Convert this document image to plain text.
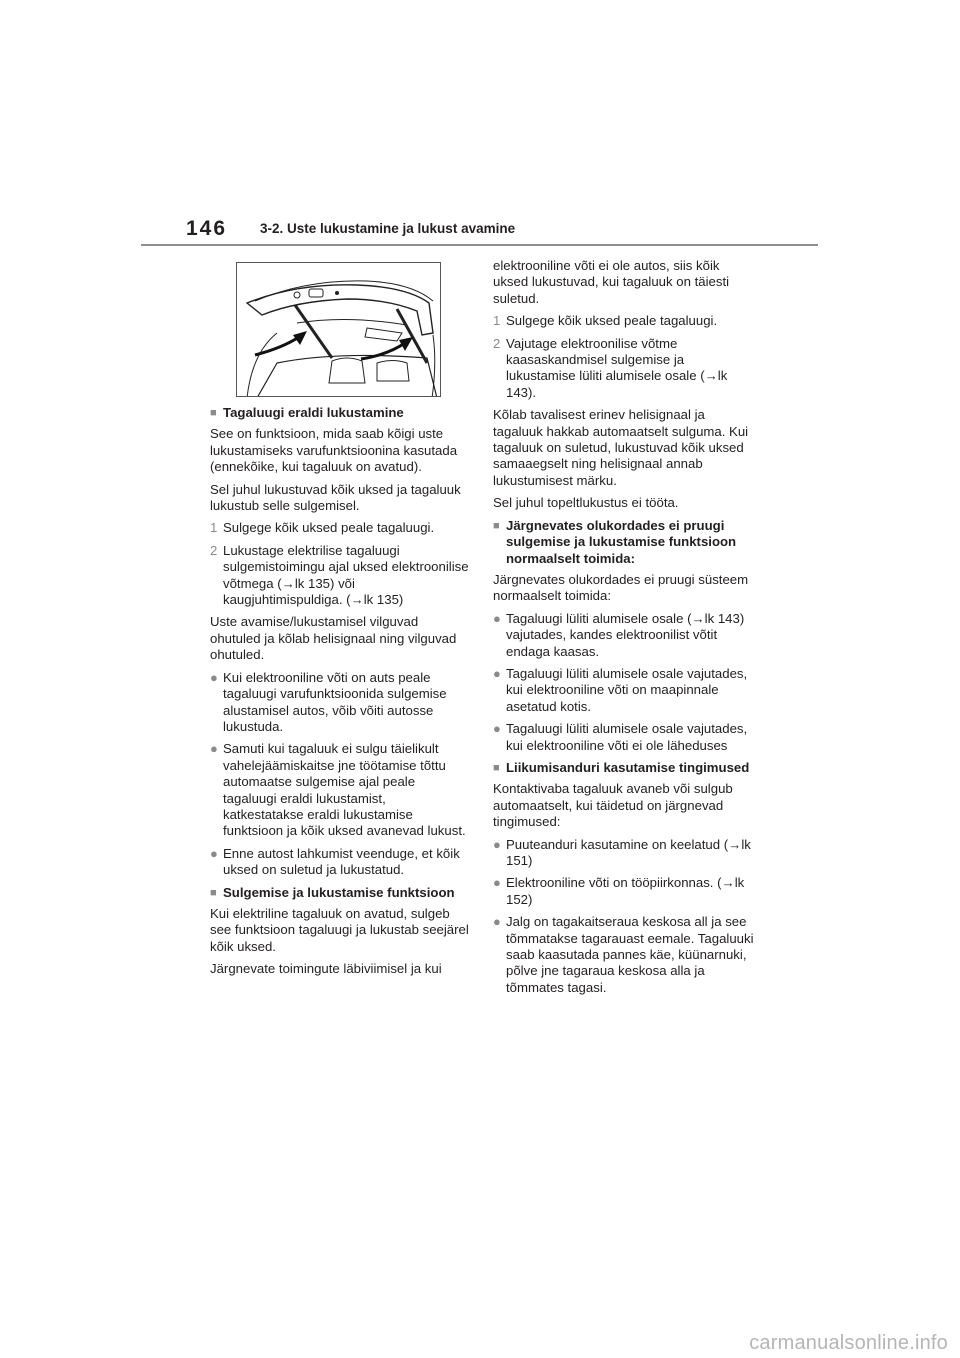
146 3-2. Uste lukustamine ja lukust avamine
■ Tagaluugi eraldi lukustamine

See on funktsioon, mida saab kõigi uste lukustamiseks varufunktsioonina kasutada (ennekõike, kui tagaluuk on avatud).

Sel juhul lukustuvad kõik uksed ja tagaluuk lukustub selle sulgemisel.

1 Sulgege kõik uksed peale tagaluugi.
2 Lukustage elektrilise tagaluugi sulgemistoimingu ajal uksed elektroonilise võtmega (→lk 135) või kaugjuhtimispuldiga. (→lk 135)

Uste avamise/lukustamisel vilguvad ohutuled ja kõlab helisignaal ning vilguvad ohutuled.

● Kui elektrooniline võti on auts peale tagaluugi varufunktsioonida sulgemise alustamisel autos, võib võiti autosse lukustuda.
● Samuti kui tagaluuk ei sulgu täielikult vahelejäämiskaitse jne töötamise tõttu automaatse sulgemise ajal peale tagaluugi eraldi lukustamist, katkestatakse eraldi lukustamise funktsioon ja kõik uksed avanevad lukust.
● Enne autost lahkumist veenduge, et kõik uksed on suletud ja lukustatud.
■ Sulgemise ja lukustamise funktsioon

Kui elektriline tagaluuk on avatud, sulgeb see funktsioon tagaluugi ja lukustab seejärel kõik uksed.

Järgnevate toimingute läbiviimisel ja kui

elektrooniline võti ei ole autos, siis kõik uksed lukustuvad, kui tagaluuk on täiesti suletud.

1 Sulgege kõik uksed peale tagaluugi.
2 Vajutage elektroonilise võtme kaasaskandmisel sulgemise ja lukustamise lüliti alumisele osale (→lk 143).

Kõlab tavalisest erinev helisignaal ja tagaluuk hakkab automaatselt sulguma. Kui tagaluuk on suletud, lukustuvad kõik uksed samaaegselt ning helisignaal annab lukustumisest märku.

Sel juhul topeltlukustus ei tööta.

■ Järgnevates olukordades ei pruugi sulgemise ja lukustamise funktsioon normaalselt toimida:

Järgnevates olukordades ei pruugi süsteem normaalselt toimida:

● Tagaluugi lüliti alumisele osale (→lk 143) vajutades, kandes elektroonilist võtit endaga kaasas.
● Tagaluugi lüliti alumisele osale vajutades, kui elektrooniline võti on maapinnale asetatud kotis.
● Tagaluugi lüliti alumisele osale vajutades, kui elektrooniline võti ei ole läheduses
■ Liikumisanduri kasutamise tingimused

Kontaktivaba tagaluuk avaneb või sulgub automaatselt, kui täidetud on järgnevad tingimused:

● Puuteanduri kasutamine on keelatud (→lk 151)
● Elektrooniline võti on tööpiirkonnas. (→lk 152)
● Jalg on tagakaitseraua keskosa all ja see tõmmatakse tagarauast eemale. Tagaluuki saab kaasutada pannes käe, küünarnuki, põlve jne tagaraua keskosa alla ja tõmmates tagasi.
carmanualsonline.info
